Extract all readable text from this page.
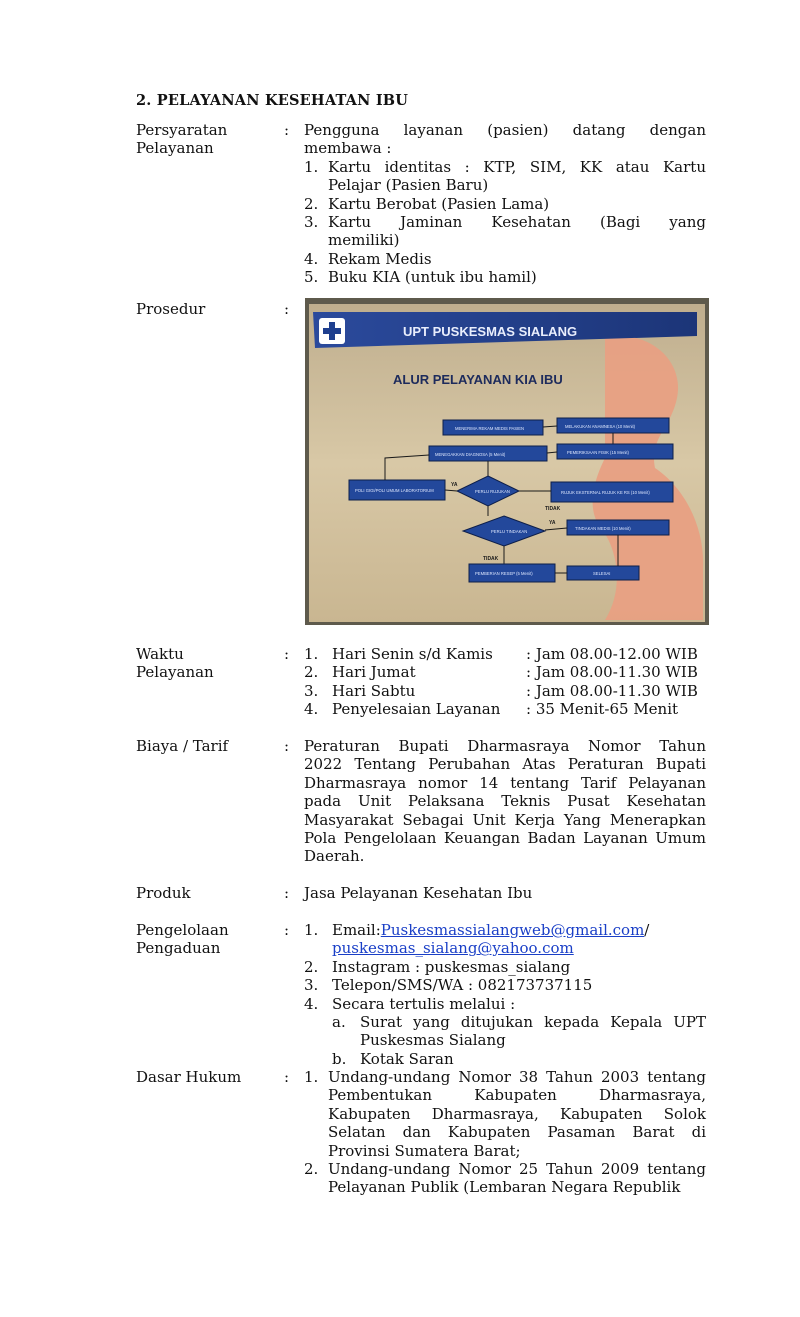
2. PELAYANAN KESEHATAN IBU
Persyaratan
Pelayanan
: Pengguna layanan (pasien) datang dengan
membawa :
1. Kartu identitas : KTP, SIM, KK atau Kartu
Pelajar (Pasien Baru)
2. Kartu Berobat (Pasien Lama)
3. Kartu Jaminan Kesehatan (Bagi yang
memiliki)
4. Rekam Medis
5. Buku KIA (untuk ibu hamil)
Prosedur	:
UPT PUSKESMAS SIALANG
ALUR PELAYANAN KIA IBU
MENERIMA REKAM MEDIS PASIEN	MELAKUKAN ANAMNESA (10 Menit)
MENEGAKKAN DIAGNOSA (5 Menit)	PEMERIKSAAN FISIK (15 Menit)
POLI GIGI/POLI UMUM LABORATORIUM	PERLU RUJUKAN	RUJUK EKSTERNAL RUJUK KE RS (10 Menit)
YA
TIDAK
PERLU TINDAKAN
TINDAKAN MEDIS (10 Menit)
YA
TIDAK
PEMBERIAN RESEP (5 Menit)	SELESAI
Waktu
Pelayanan
: 1. Hari Senin s/d Kamis : Jam 08.00-12.00 WIB
2. Hari Jumat	: Jam 08.00-11.30 WIB
3. Hari Sabtu	: Jam 08.00-11.30 WIB
4. Penyelesaian Layanan : 35 Menit-65 Menit
Biaya / Tarif	: Peraturan Bupati Dharmasraya Nomor Tahun
2022 Tentang Perubahan Atas Peraturan Bupati
Dharmasraya nomor 14 tentang Tarif Pelayanan
pada Unit Pelaksana Teknis Pusat Kesehatan
Masyarakat Sebagai Unit Kerja Yang Menerapkan
Pola Pengelolaan Keuangan Badan Layanan Umum
Daerah.
Produk	: Jasa Pelayanan Kesehatan Ibu
Pengelolaan
Pengaduan
: 1. Email:Puskesmassialangweb@gmail.com/
puskesmas_sialang@yahoo.com
2. Instagram : puskesmas_sialang
3. Telepon/SMS/WA : 082173737115
4. Secara tertulis melalui :
a. Surat yang ditujukan kepada Kepala UPT
Puskesmas Sialang
b. Kotak Saran
Dasar Hukum	: 1. Undang-undang Nomor 38 Tahun 2003 tentang
Pembentukan Kabupaten Dharmasraya,
Kabupaten Dharmasraya, Kabupaten Solok
Selatan dan Kabupaten Pasaman Barat di
Provinsi Sumatera Barat;
2. Undang-undang Nomor 25 Tahun 2009 tentang
Pelayanan Publik (Lembaran Negara Republik
